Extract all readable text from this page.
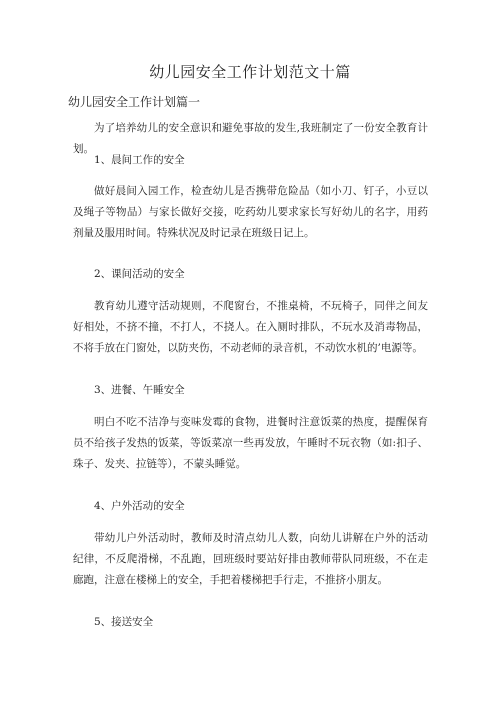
幼儿园安全工作计划范文十篇
幼儿园安全工作计划篇一

为了培养幼儿的安全意识和避免事故的发生,我班制定了一份安全教育计划。

1、晨间工作的安全

做好晨间入园工作，检查幼儿是否携带危险品（如小刀、钉子，小豆以及绳子等物品）与家长做好交接，吃药幼儿要求家长写好幼儿的名字，用药剂量及服用时间。特殊状况及时记录在班级日记上。

2、课间活动的安全

教育幼儿遵守活动规则，不爬窗台，不推桌椅，不玩椅子，同伴之间友好相处，不挤不撞，不打人，不挠人。在入厕时排队，不玩水及消毒物品，不将手放在门窗处，以防夹伤，不动老师的录音机，不动饮水机的’电源等。

3、进餐、午睡安全

明白不吃不洁净与变味发霉的食物，进餐时注意饭菜的热度，提醒保育员不给孩子发热的饭菜，等饭菜凉一些再发放，午睡时不玩衣物（如:扣子、珠子、发夹、拉链等），不蒙头睡觉。

4、户外活动的安全

带幼儿户外活动时，教师及时清点幼儿人数，向幼儿讲解在户外的活动纪律，不反爬滑梯，不乱跑，回班级时要站好排由教师带队同班级，不在走廊跑，注意在楼梯上的安全，手把着楼梯把手行走，不推挤小朋友。

5、接送安全
